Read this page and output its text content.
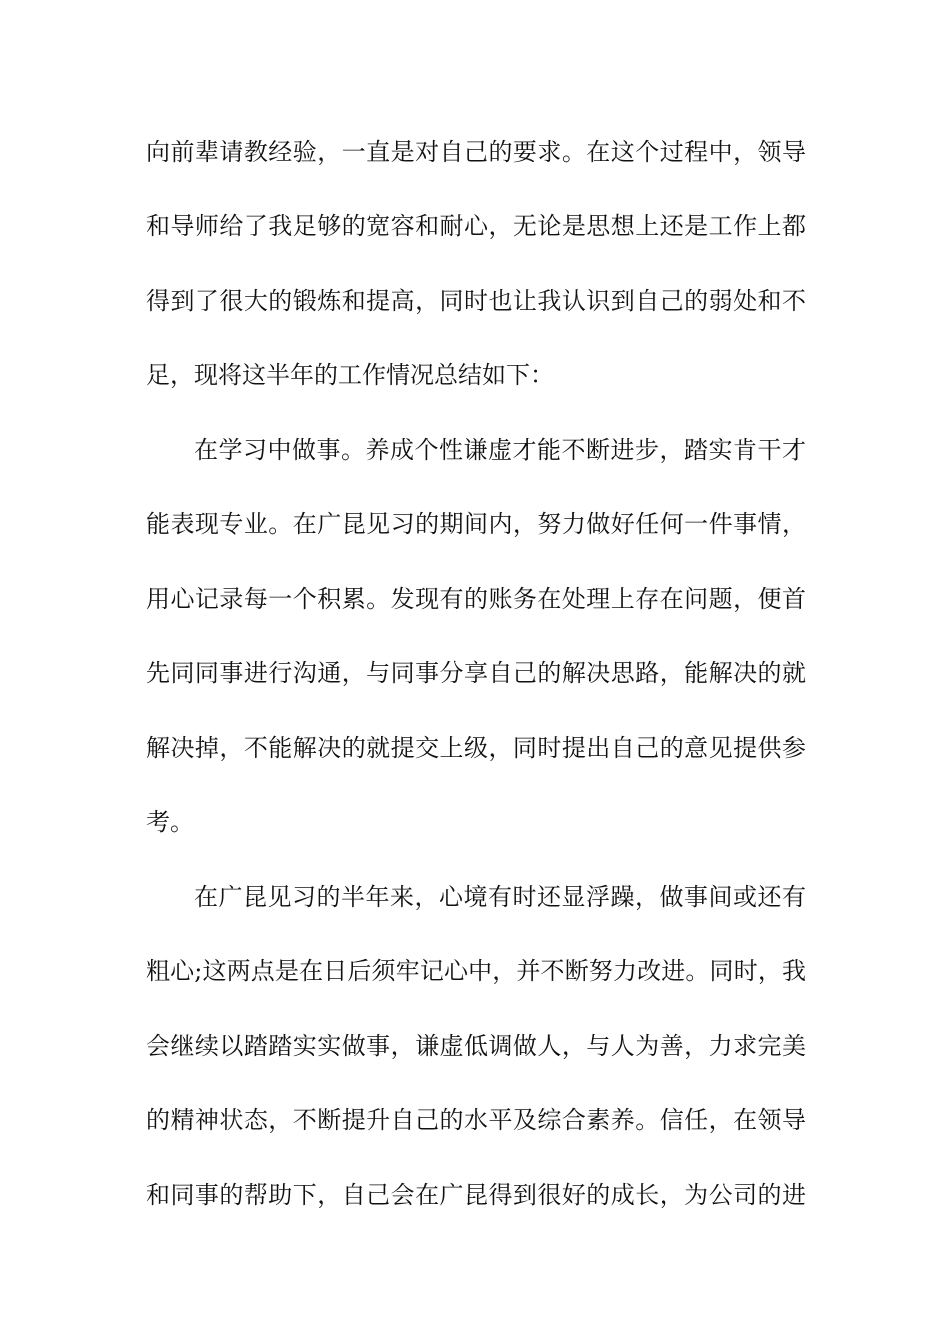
向前辈请教经验，一直是对自己的要求。在这个过程中，领导
和导师给了我足够的宽容和耐心，无论是思想上还是工作上都
得到了很大的锻炼和提高，同时也让我认识到自己的弱处和不
足，现将这半年的工作情况总结如下：
在学习中做事。养成个性谦虚才能不断进步，踏实肯干才
能表现专业。在广昆见习的期间内，努力做好任何一件事情，
用心记录每一个积累。发现有的账务在处理上存在问题，便首
先同同事进行沟通，与同事分享自己的解决思路，能解决的就
解决掉，不能解决的就提交上级，同时提出自己的意见提供参
考。
在广昆见习的半年来，心境有时还显浮躁，做事间或还有
粗心;这两点是在日后须牢记心中，并不断努力改进。同时，我
会继续以踏踏实实做事，谦虚低调做人，与人为善，力求完美
的精神状态，不断提升自己的水平及综合素养。信任，在领导
和同事的帮助下，自己会在广昆得到很好的成长，为公司的进
